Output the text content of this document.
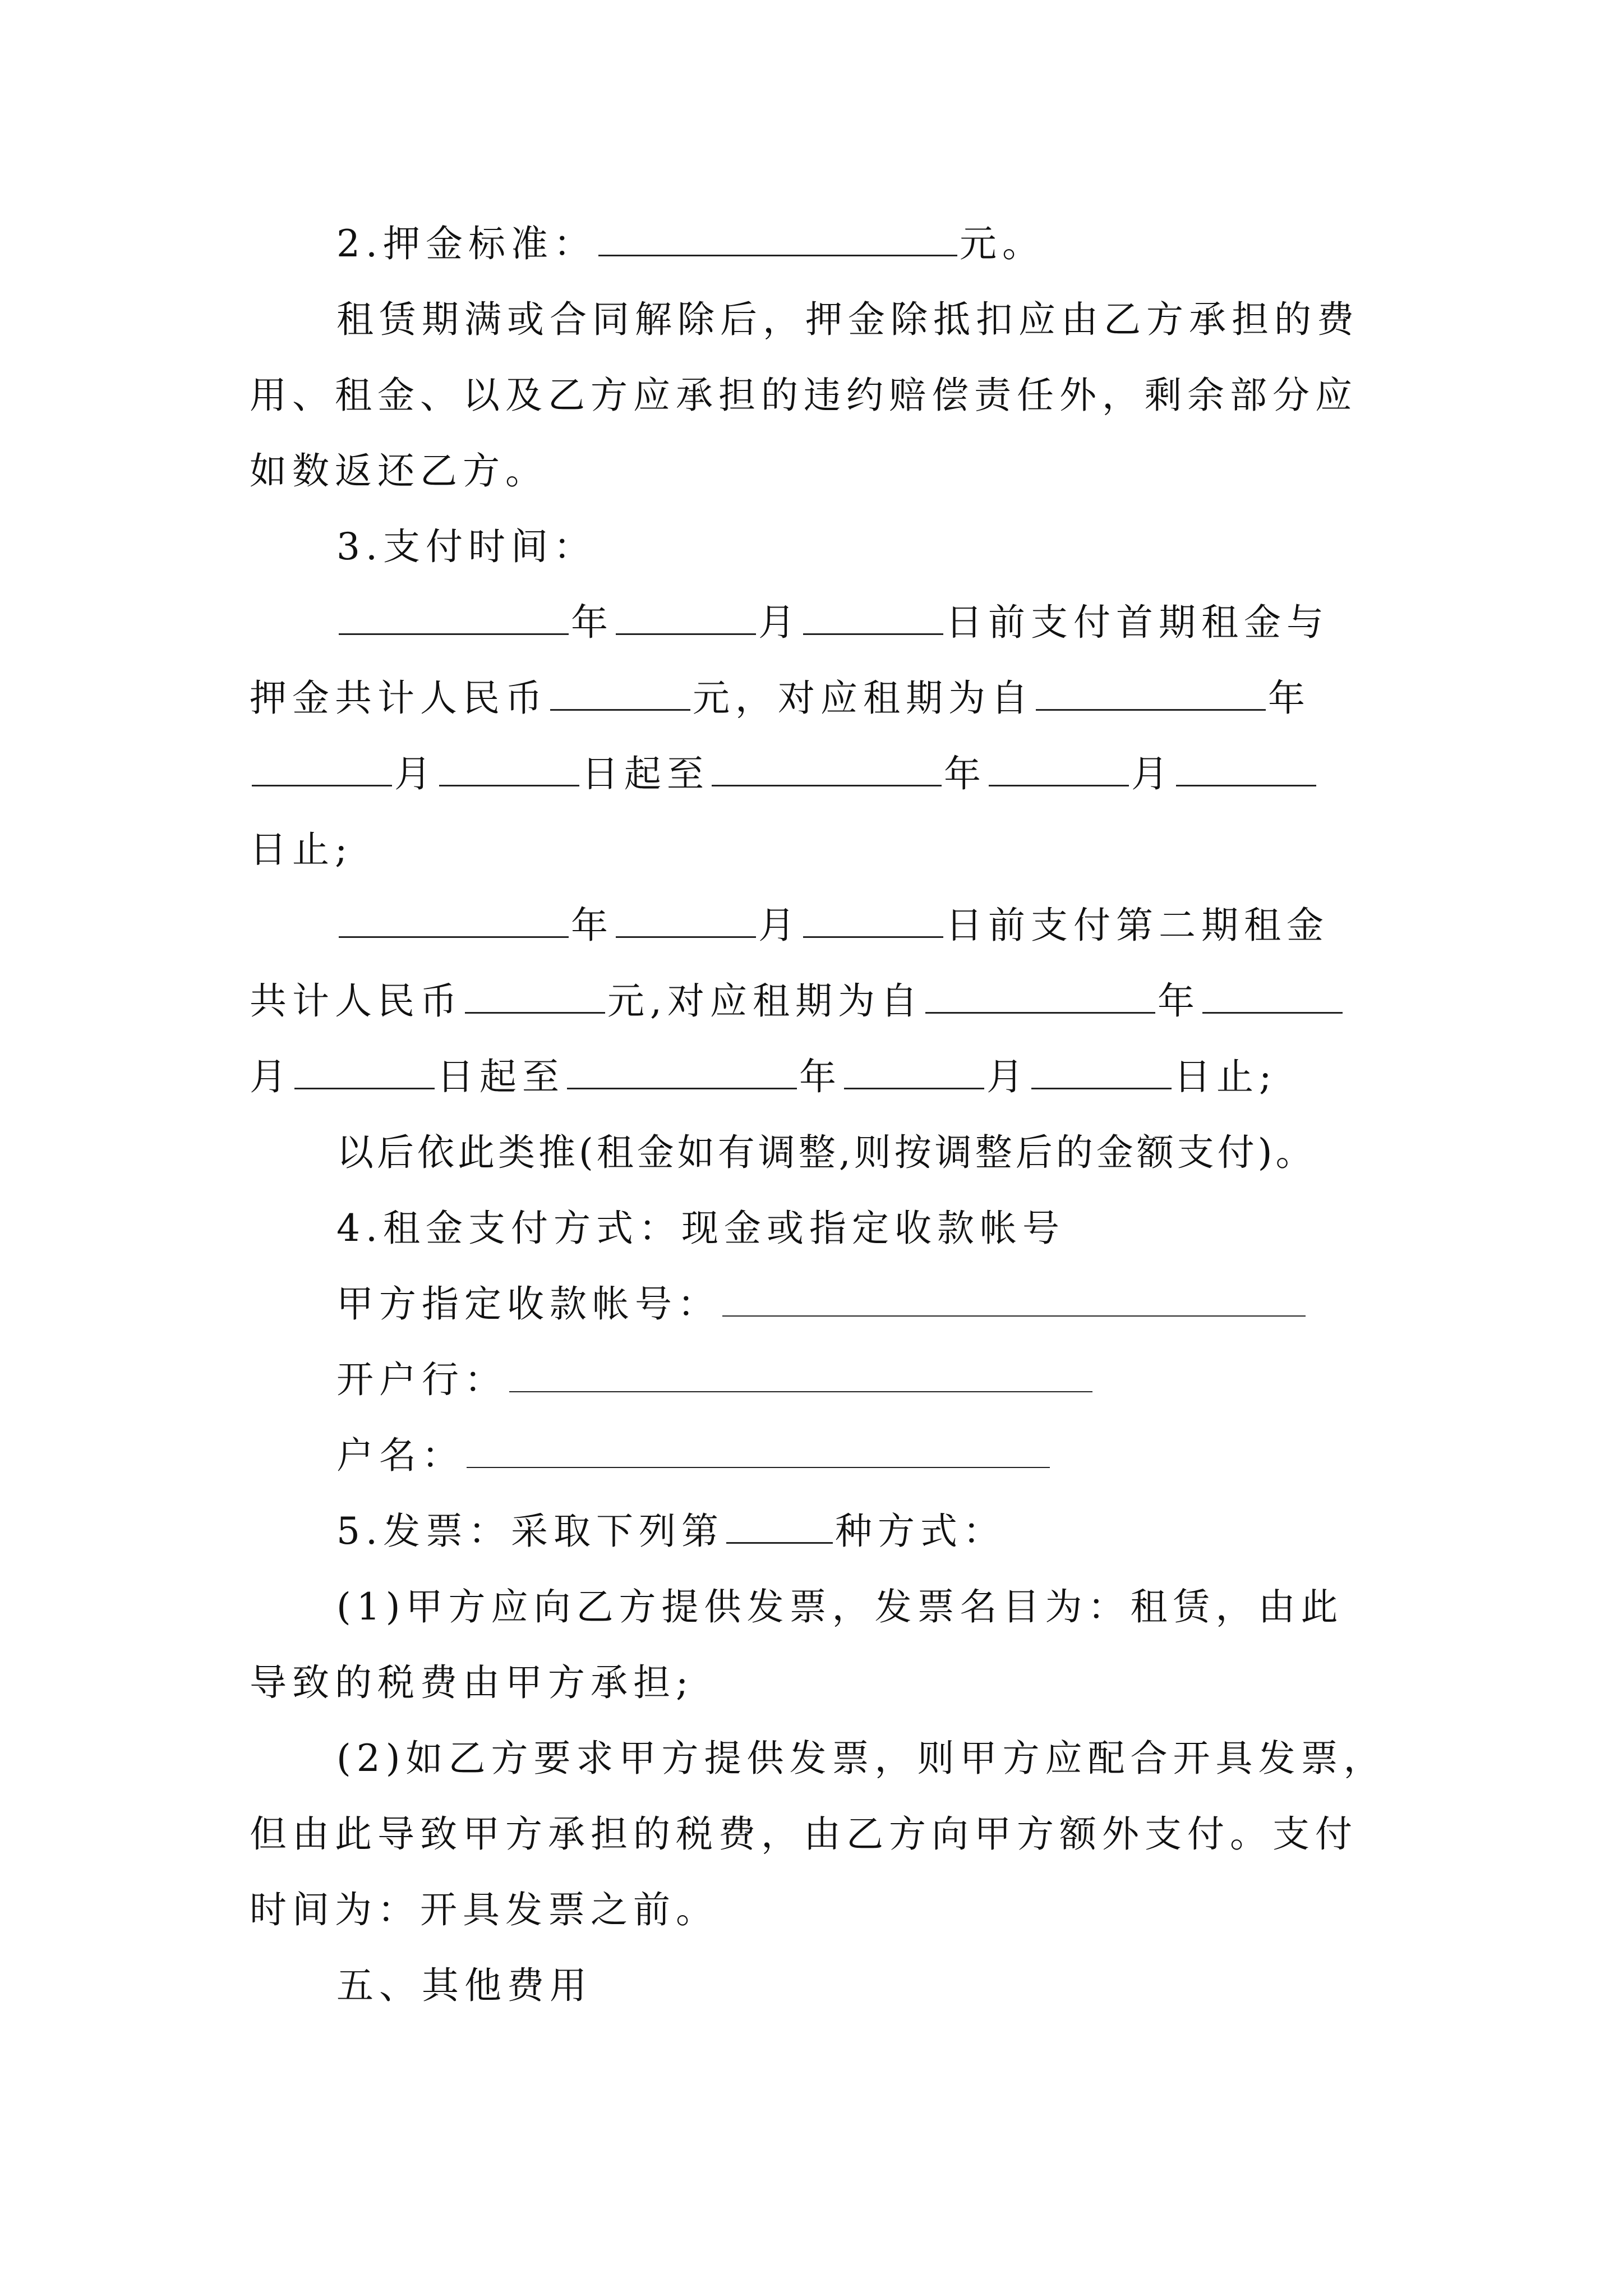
2.押金标准：	元。
租赁期满或合同解除后，押金除抵扣应由乙方承担的费
用、租金、以及乙方应承担的违约赔偿责任外，剩余部分应
如数返还乙方。
3.支付时间：
年	月	日前支付首期租金与
押金共计人民币	元，对应租期为自	年
月	日起至	年	月
日止;
年	月	日前支付第二期租金
共计人民币	元,对应租期为自	年
月	日起至	年	月	日止;
以后依此类推(租金如有调整,则按调整后的金额支付)。
4.租金支付方式：现金或指定收款帐号
甲方指定收款帐号：
开户行：
户名：
5.发票：采取下列第	种方式：
(1)甲方应向乙方提供发票，发票名目为：租赁，由此
导致的税费由甲方承担;
(2)如乙方要求甲方提供发票，则甲方应配合开具发票，
但由此导致甲方承担的税费，由乙方向甲方额外支付。支付
时间为：开具发票之前。
五、其他费用
